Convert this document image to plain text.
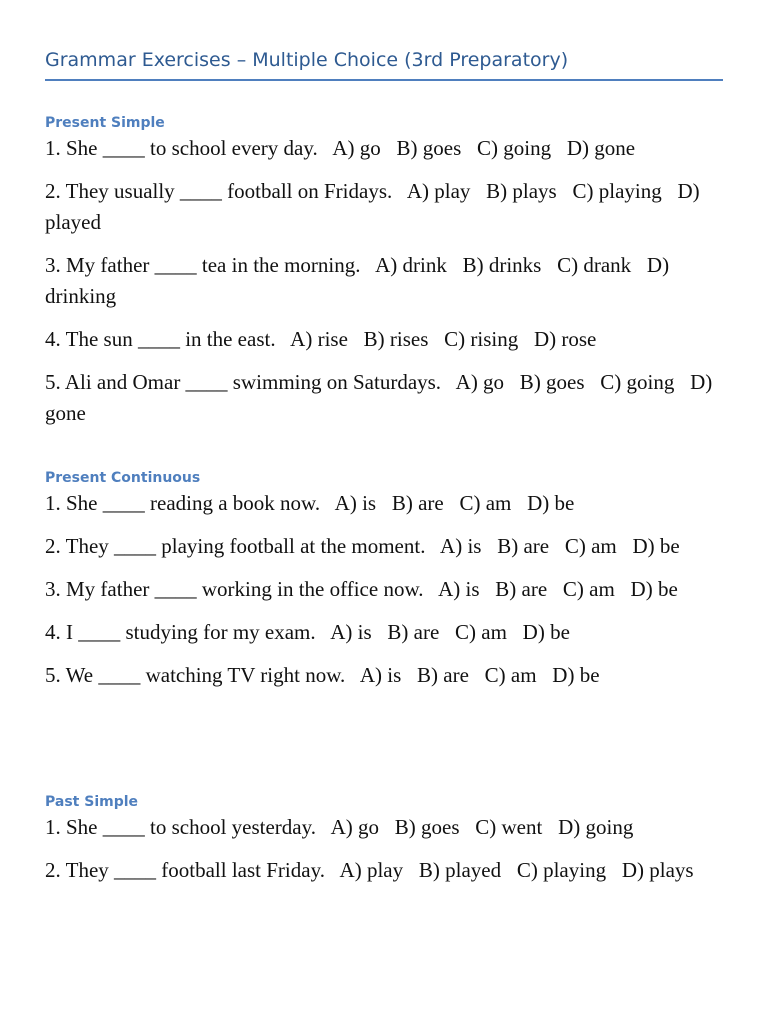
Grammar Exercises – Multiple Choice (3rd Preparatory)
Present Simple

1. She ____ to school every day.   A) go   B) goes   C) going   D) gone

2. They usually ____ football on Fridays.   A) play   B) plays   C) playing   D) played

3. My father ____ tea in the morning.   A) drink   B) drinks   C) drank   D) drinking

4. The sun ____ in the east.   A) rise   B) rises   C) rising   D) rose

5. Ali and Omar ____ swimming on Saturdays.   A) go   B) goes   C) going   D) gone

Present Continuous

1. She ____ reading a book now.   A) is   B) are   C) am   D) be

2. They ____ playing football at the moment.   A) is   B) are   C) am   D) be

3. My father ____ working in the office now.   A) is   B) are   C) am   D) be

4. I ____ studying for my exam.   A) is   B) are   C) am   D) be

5. We ____ watching TV right now.   A) is   B) are   C) am   D) be

Past Simple

1. She ____ to school yesterday.   A) go   B) goes   C) went   D) going

2. They ____ football last Friday.   A) play   B) played   C) playing   D) plays
